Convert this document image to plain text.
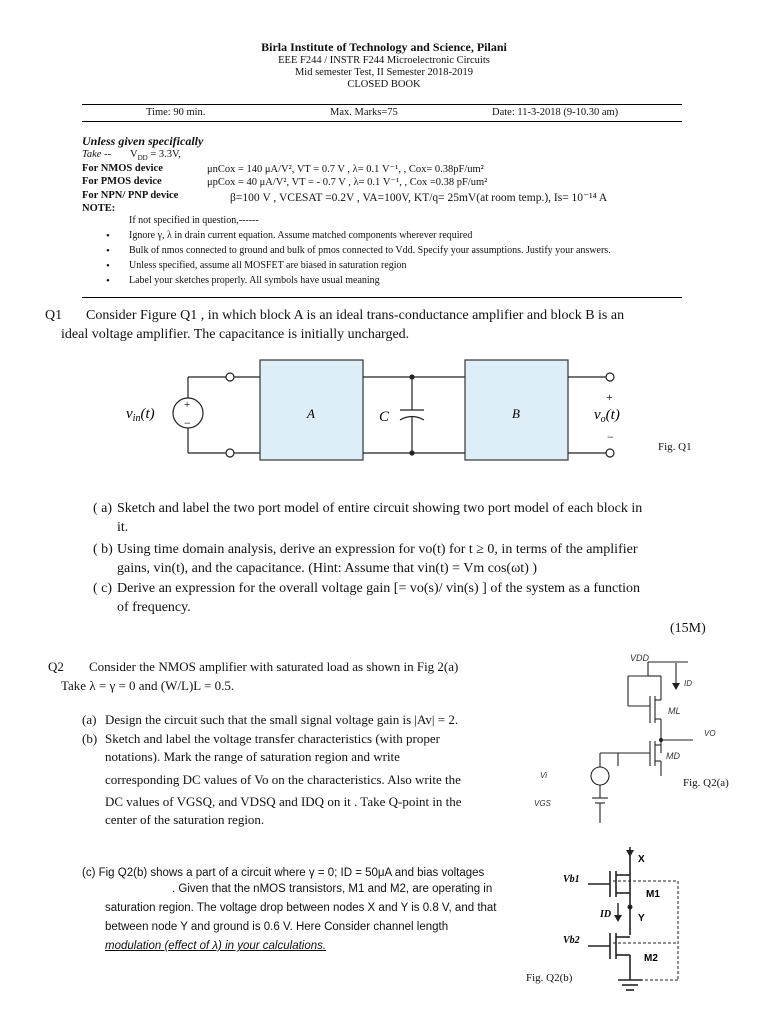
Birla Institute of Technology and Science, Pilani
EEE F244 / INSTR F244 Microelectronic Circuits
Mid semester Test, II Semester 2018-2019
CLOSED BOOK
Time: 90 min.	Max. Marks=75	Date: 11-3-2018 (9-10.30 am)
Unless given specifically
Take -- $V_{DD} = 3.3V$,
For NMOS device	μnCox = 140 μA/V², VT = 0.7 V , λ= 0.1 V⁻¹, , Cox= 0.38pF/um²
For PMOS device	μpCox = 40 μA/V², VT = - 0.7 V , λ= 0.1 V⁻¹, , Cox =0.38 pF/um²
For NPN/ PNP device	β=100 V , VCESAT =0.2V , VA=100V, KT/q= 25mV(at room temp.), Is= 10⁻¹⁴ A
NOTE:
If not specified in question,------
• Ignore γ, λ in drain current equation. Assume matched components wherever required
• Bulk of nmos connected to ground and bulk of pmos connected to Vdd. Specify your assumptions. Justify your answers.
• Unless specified, assume all MOSFET are biased in saturation region
• Label your sketches properly. All symbols have usual meaning
Q1 Consider Figure Q1 , in which block A is an ideal trans-conductance amplifier and block B is an
ideal voltage amplifier. The capacitance is initially uncharged.
+
−
$v_{in}(t)$	A	C	B
+
$v_o(t)$
−
Fig. Q1
( a) Sketch and label the two port model of entire circuit showing two port model of each block in
it.
( b) Using time domain analysis, derive an expression for vo(t) for t ≥ 0, in terms of the amplifier
gains, vin(t), and the capacitance. (Hint: Assume that vin(t) = Vm cos(ωt) )
( c) Derive an expression for the overall voltage gain [= vo(s)/ vin(s) ] of the system as a function
of frequency.
(15M)
Q2 Consider the NMOS amplifier with saturated load as shown in Fig 2(a)
Take λ = γ = 0 and (W/L)L = 0.5.
(a) Design the circuit such that the small signal voltage gain is |Av| = 2.
(b) Sketch and label the voltage transfer characteristics (with proper
notations). Mark the range of saturation region and write
corresponding DC values of Vo on the characteristics. Also write the
DC values of VGSQ, and VDSQ and IDQ on it . Take Q-point in the
center of the saturation region.
(c) Fig Q2(b) shows a part of a circuit where γ = 0; ID = 50μA and bias voltages
. Given that the nMOS transistors, M1 and M2, are operating in
saturation region. The voltage drop between nodes X and Y is 0.8 V, and that
between node Y and ground is 0.6 V. Here Consider channel length
modulation (effect of λ) in your calculations.
VDD
ID
ML
VO
MD
Vi
VGS
Fig. Q2(a)
X
Vb1
M1
ID	Y
Vb2
M2
Fig. Q2(b)
